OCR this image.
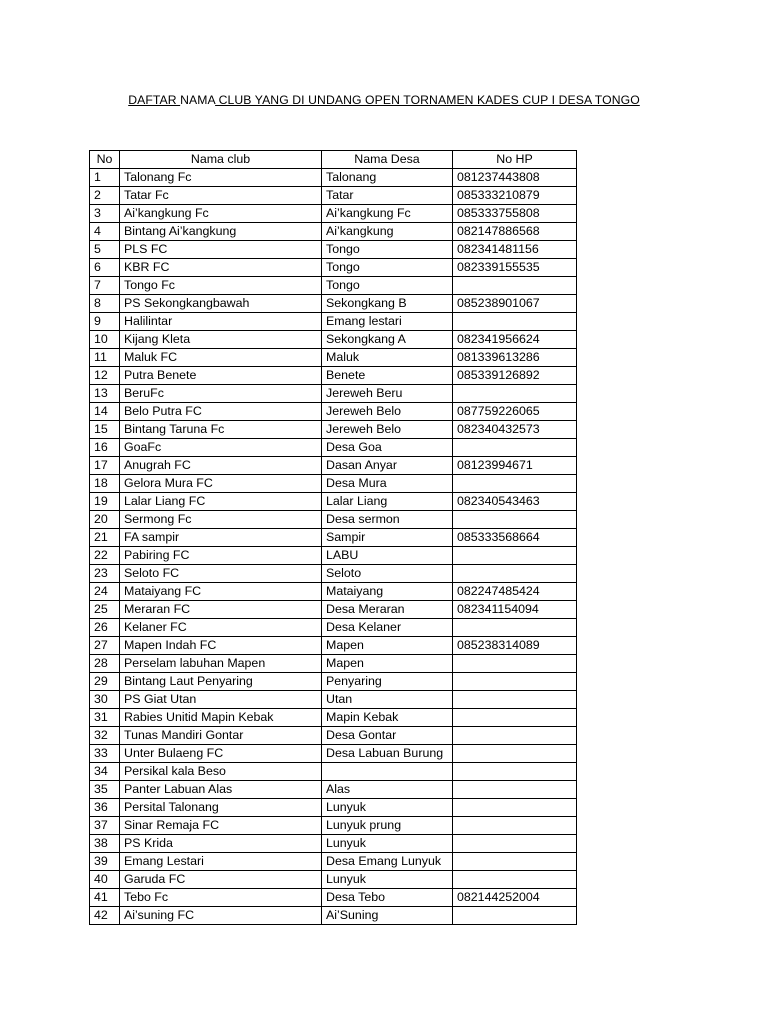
DAFTAR NAMA CLUB YANG DI UNDANG OPEN TORNAMEN KADES CUP I DESA TONGO
No	Nama club	Nama Desa	No HP
1	Talonang Fc	Talonang	081237443808
2	Tatar Fc	Tatar	085333210879
3	Ai’kangkung Fc	Ai’kangkung Fc	085333755808
4	Bintang Ai’kangkung	Ai’kangkung	082147886568
5	PLS FC	Tongo	082341481156
6	KBR FC	Tongo	082339155535
7	Tongo Fc	Tongo	
8	PS Sekongkangbawah	Sekongkang B	085238901067
9	Halilintar	Emang lestari	
10	Kijang Kleta	Sekongkang A	082341956624
11	Maluk FC	Maluk	081339613286
12	Putra Benete	Benete	085339126892
13	BeruFc	Jereweh Beru	
14	Belo Putra FC	Jereweh Belo	087759226065
15	Bintang Taruna Fc	Jereweh Belo	082340432573
16	GoaFc	Desa Goa	
17	Anugrah FC	Dasan Anyar	08123994671
18	Gelora Mura FC	Desa Mura	
19	Lalar Liang FC	Lalar Liang	082340543463
20	Sermong Fc	Desa sermon	
21	FA sampir	Sampir	085333568664
22	Pabiring FC	LABU	
23	Seloto FC	Seloto	
24	Mataiyang FC	Mataiyang	082247485424
25	Meraran FC	Desa Meraran	082341154094
26	Kelaner FC	Desa Kelaner	
27	Mapen Indah FC	Mapen	085238314089
28	Perselam labuhan Mapen	Mapen	
29	Bintang Laut Penyaring	Penyaring	
30	PS Giat Utan	Utan	
31	Rabies Unitid Mapin Kebak	Mapin Kebak	
32	Tunas Mandiri Gontar	Desa Gontar	
33	Unter Bulaeng FC	Desa Labuan Burung	
34	Persikal kala Beso		
35	Panter Labuan Alas	Alas	
36	Persital Talonang	Lunyuk	
37	Sinar Remaja FC	Lunyuk prung	
38	PS Krida	Lunyuk	
39	Emang Lestari	Desa Emang Lunyuk	
40	Garuda FC	Lunyuk	
41	Tebo Fc	Desa Tebo	082144252004
42	Ai’suning FC	Ai’Suning	
